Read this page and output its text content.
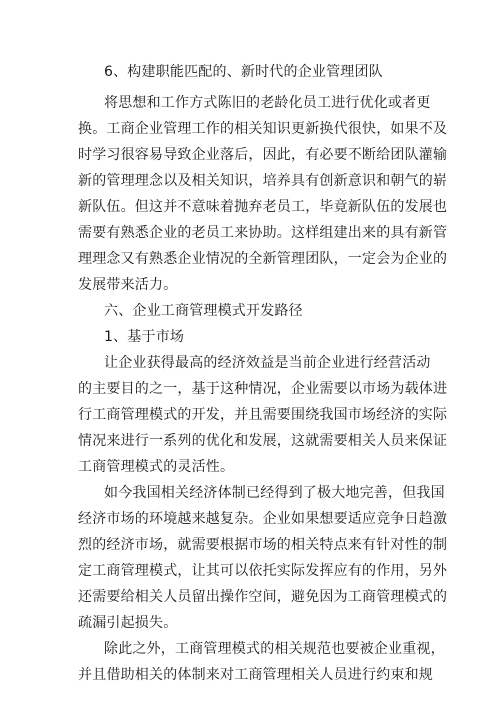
6、构建职能匹配的、新时代的企业管理团队
将思想和工作方式陈旧的老龄化员工进行优化或者更
换。工商企业管理工作的相关知识更新换代很快，如果不及
时学习很容易导致企业落后，因此，有必要不断给团队灌输
新的管理理念以及相关知识，培养具有创新意识和朝气的崭
新队伍。但这并不意味着抛弃老员工，毕竟新队伍的发展也
需要有熟悉企业的老员工来协助。这样组建出来的具有新管
理理念又有熟悉企业情况的全新管理团队，一定会为企业的
发展带来活力。
六、企业工商管理模式开发路径
1、基于市场
让企业获得最高的经济效益是当前企业进行经营活动
的主要目的之一，基于这种情况，企业需要以市场为载体进
行工商管理模式的开发，并且需要围绕我国市场经济的实际
情况来进行一系列的优化和发展，这就需要相关人员来保证
工商管理模式的灵活性。
如今我国相关经济体制已经得到了极大地完善，但我国
经济市场的环境越来越复杂。企业如果想要适应竞争日趋激
烈的经济市场，就需要根据市场的相关特点来有针对性的制
定工商管理模式，让其可以依托实际发挥应有的作用，另外
还需要给相关人员留出操作空间，避免因为工商管理模式的
疏漏引起损失。
除此之外，工商管理模式的相关规范也要被企业重视，
并且借助相关的体制来对工商管理相关人员进行约束和规
